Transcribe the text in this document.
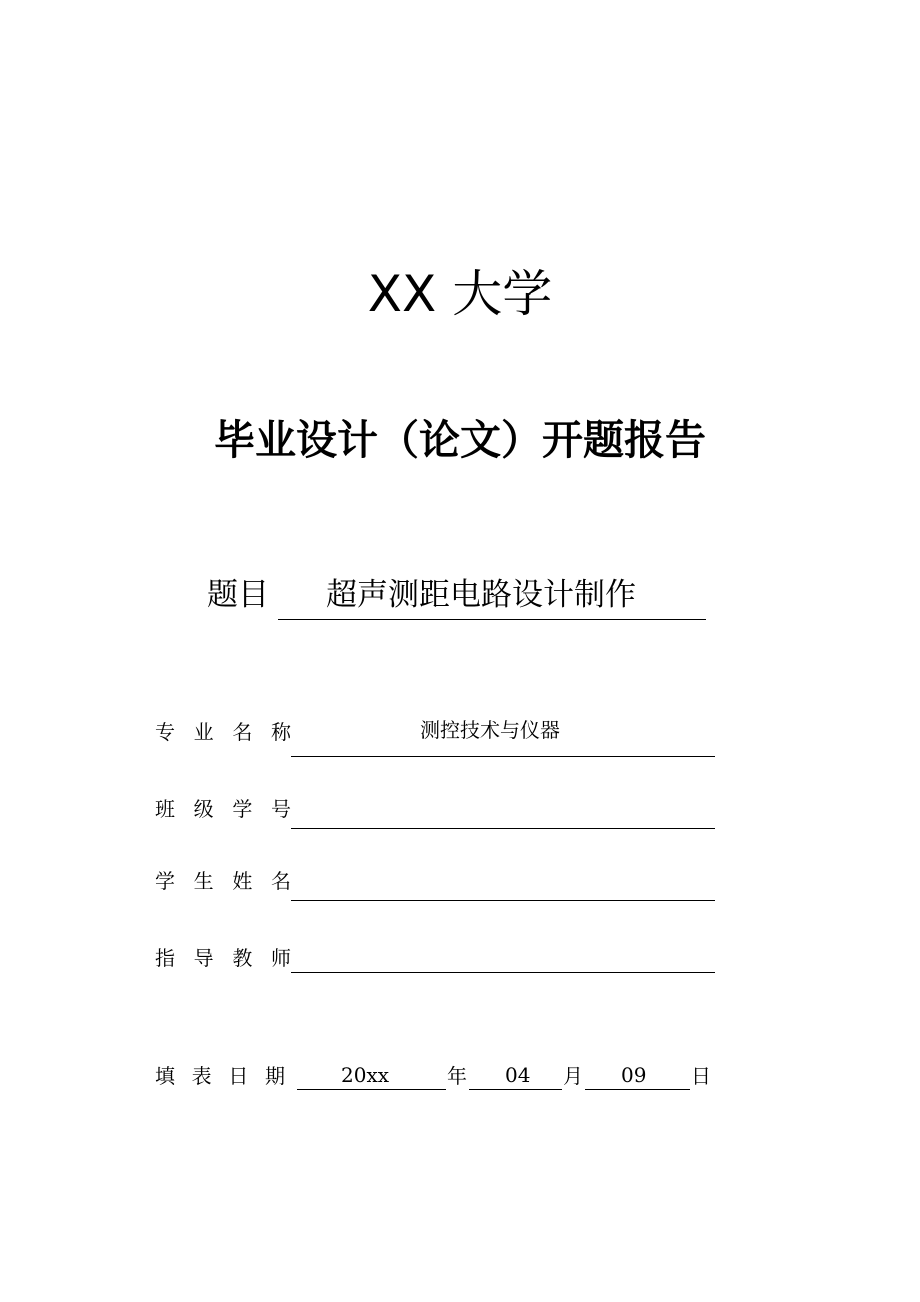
XX 大学
毕业设计（论文）开题报告
题目 超声测距电路设计制作
专 业 名 称	测控技术与仪器
班 级 学 号
学 生 姓 名
指 导 教 师
填 表 日 期	20xx	年 04 月 09 日
